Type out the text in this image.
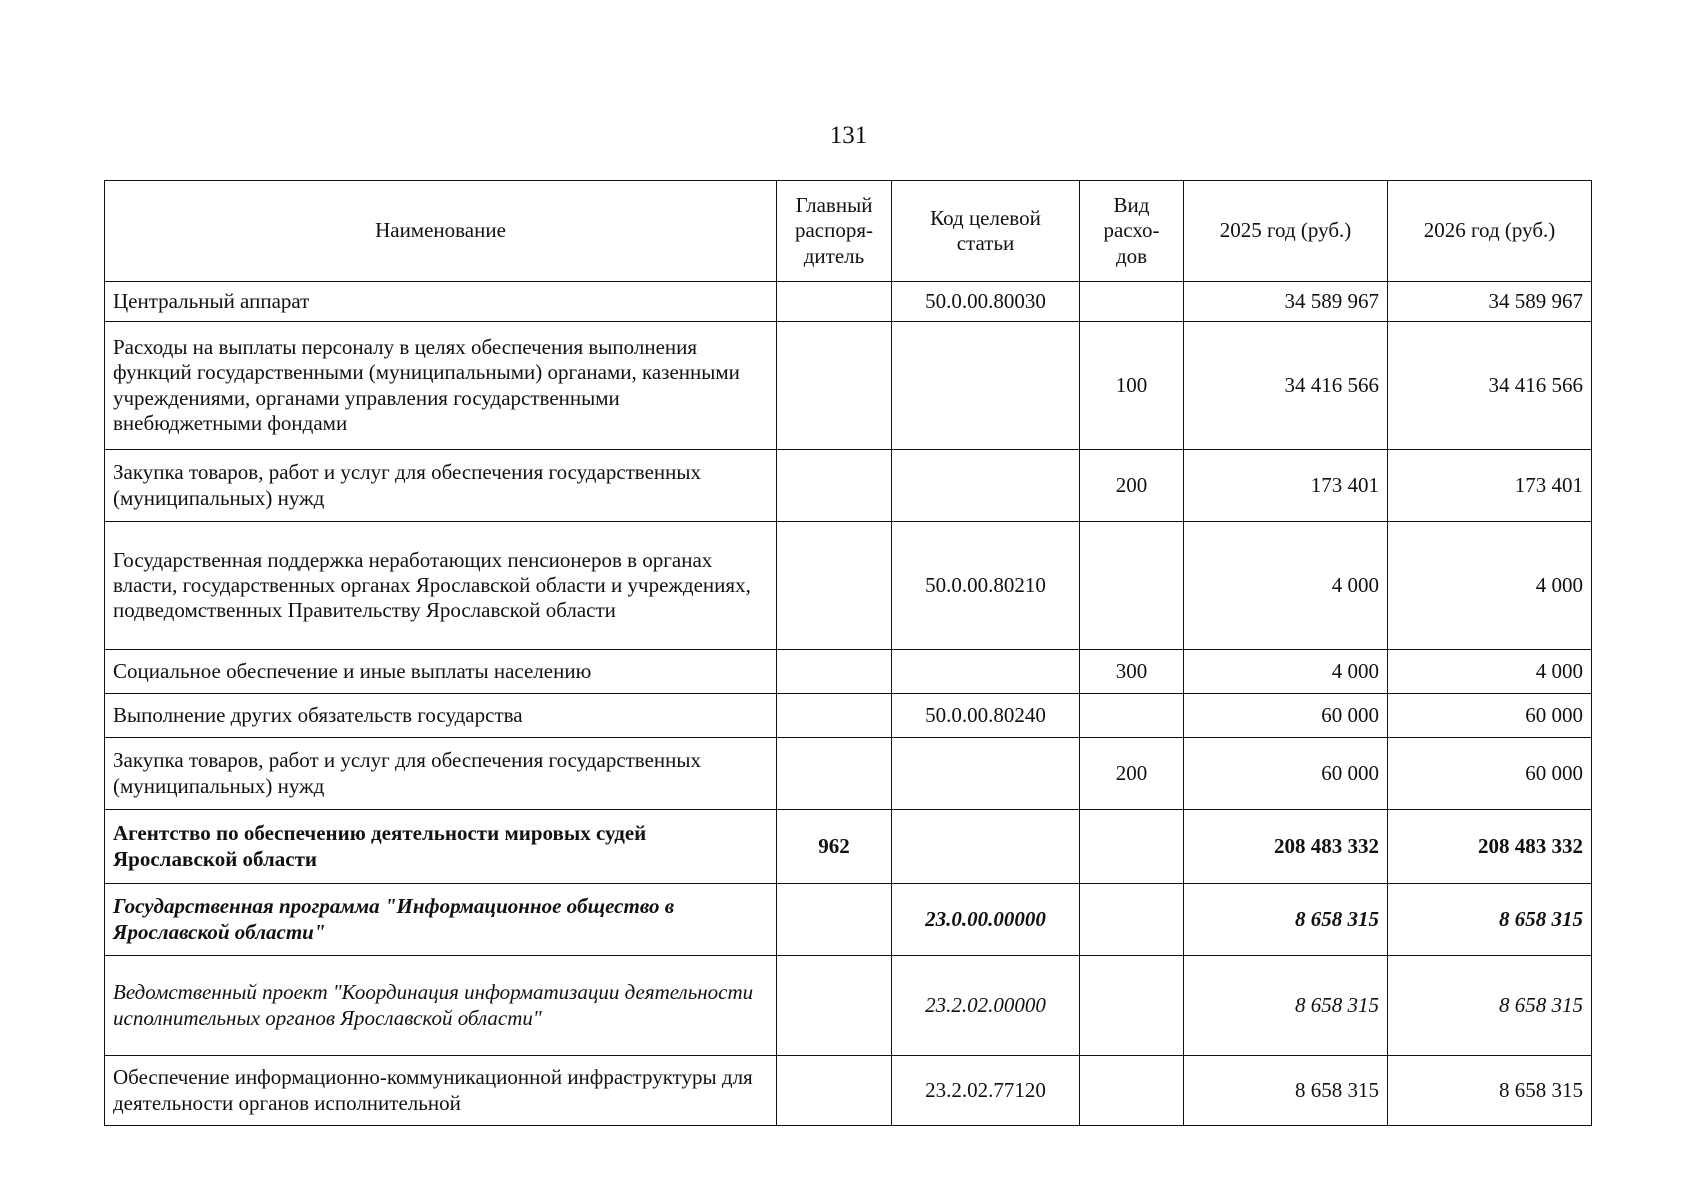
131
Наименование	Главный распоря-дитель	Код целевой статьи	Вид расхо-дов	2025 год (руб.)	2026 год (руб.)
Центральный аппарат		50.0.00.80030		34 589 967	34 589 967
Расходы на выплаты персоналу в целях обеспечения выполнения функций государственными (муниципальными) органами, казенными учреждениями, органами управления государственными внебюджетными фондами			100	34 416 566	34 416 566
Закупка товаров, работ и услуг для обеспечения государственных (муниципальных) нужд			200	173 401	173 401
Государственная поддержка неработающих пенсионеров в органах власти, государственных органах Ярославской области и учреждениях, подведомственных Правительству Ярославской области		50.0.00.80210		4 000	4 000
Социальное обеспечение и иные выплаты населению			300	4 000	4 000
Выполнение других обязательств государства		50.0.00.80240		60 000	60 000
Закупка товаров, работ и услуг для обеспечения государственных (муниципальных) нужд			200	60 000	60 000
Агентство по обеспечению деятельности мировых судей Ярославской области	962			208 483 332	208 483 332
Государственная программа "Информационное общество в Ярославской области"		23.0.00.00000		8 658 315	8 658 315
Ведомственный проект "Координация информатизации деятельности исполнительных органов Ярославской области"		23.2.02.00000		8 658 315	8 658 315
Обеспечение информационно-коммуникационной инфраструктуры для деятельности органов исполнительной		23.2.02.77120		8 658 315	8 658 315
